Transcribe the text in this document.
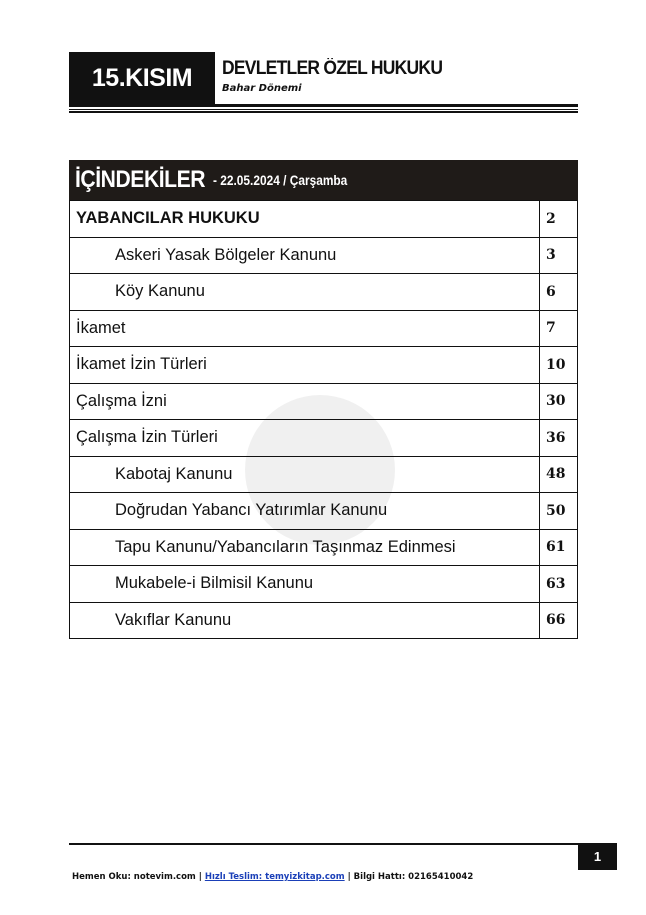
15.KISIM	DEVLETLER ÖZEL HUKUKU
Bahar Dönemi
İÇİNDEKİLER - 22.05.2024 / Çarşamba
YABANCILAR HUKUKU	2
Askeri Yasak Bölgeler Kanunu	3
Köy Kanunu	6
İkamet	7
İkamet İzin Türleri	10
Çalışma İzni	30
Çalışma İzin Türleri	36
Kabotaj Kanunu	48
Doğrudan Yabancı Yatırımlar Kanunu	50
Tapu Kanunu/Yabancıların Taşınmaz Edinmesi	61
Mukabele-i Bilmisil Kanunu	63
Vakıflar Kanunu	66
1
Hemen Oku: notevim.com | Hızlı Teslim: temyizkitap.com | Bilgi Hattı: 02165410042
